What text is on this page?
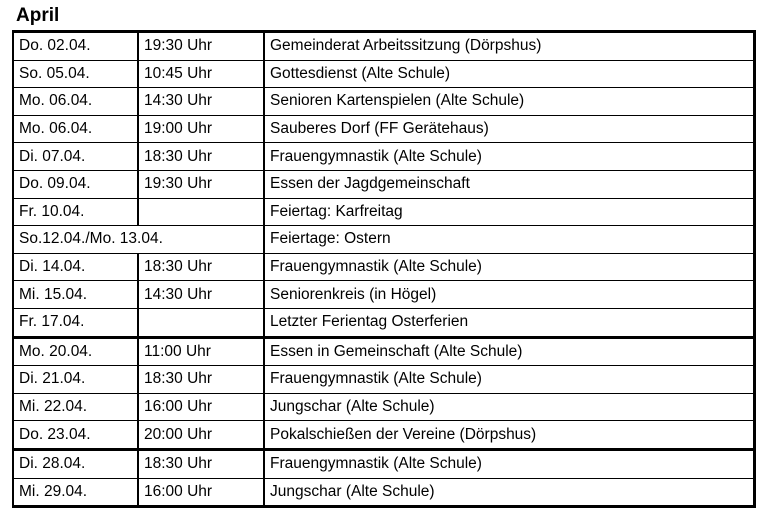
April
Do. 02.04.	19:30 Uhr	Gemeinderat Arbeitssitzung (Dörpshus)
So. 05.04.	10:45 Uhr	Gottesdienst (Alte Schule)
Mo. 06.04.	14:30 Uhr	Senioren Kartenspielen (Alte Schule)
Mo. 06.04.	19:00 Uhr	Sauberes Dorf (FF Gerätehaus)
Di. 07.04.	18:30 Uhr	Frauengymnastik (Alte Schule)
Do. 09.04.	19:30 Uhr	Essen der Jagdgemeinschaft
Fr. 10.04.		Feiertag: Karfreitag
So.12.04./Mo. 13.04.		Feiertage: Ostern
Di. 14.04.	18:30 Uhr	Frauengymnastik (Alte Schule)
Mi. 15.04.	14:30 Uhr	Seniorenkreis (in Högel)
Fr. 17.04.		Letzter Ferientag Osterferien
Mo. 20.04.	11:00 Uhr	Essen in Gemeinschaft (Alte Schule)
Di. 21.04.	18:30 Uhr	Frauengymnastik (Alte Schule)
Mi. 22.04.	16:00 Uhr	Jungschar (Alte Schule)
Do. 23.04.	20:00 Uhr	Pokalschießen der Vereine (Dörpshus)
Di. 28.04.	18:30 Uhr	Frauengymnastik (Alte Schule)
Mi. 29.04.	16:00 Uhr	Jungschar (Alte Schule)
